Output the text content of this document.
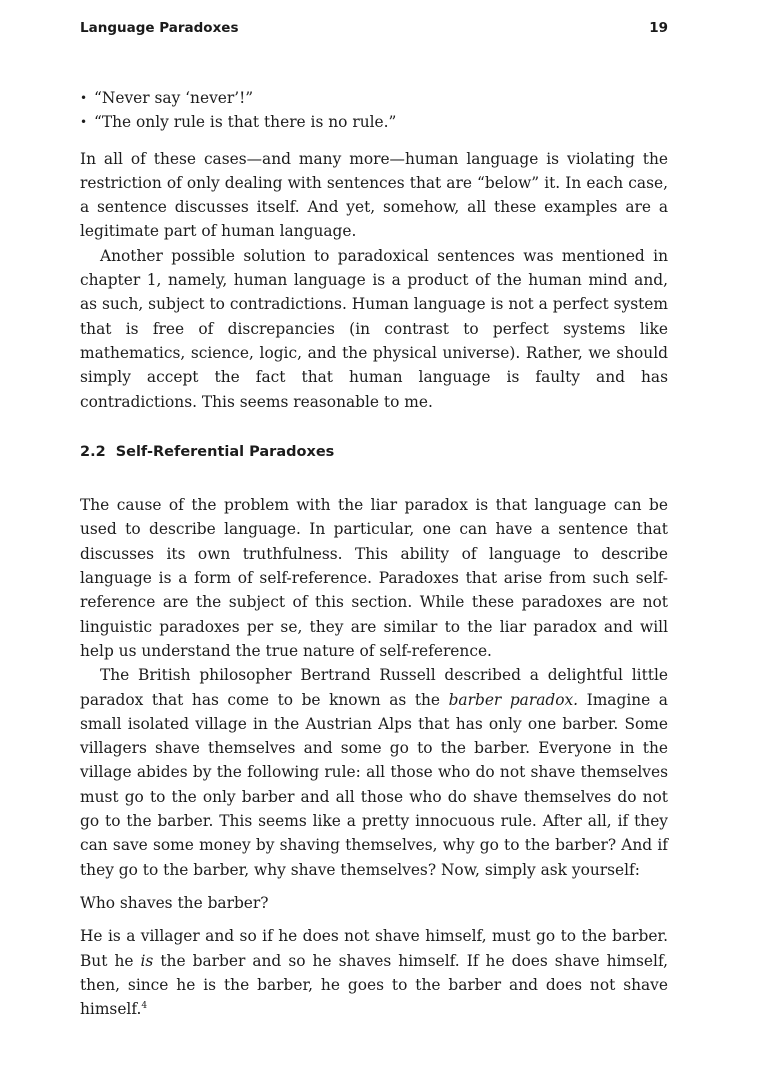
Language Paradoxes	19
• “Never say ‘never’!”
• “The only rule is that there is no rule.”

In all of these cases—and many more—human language is violating the restriction of only dealing with sentences that are “below” it. In each case, a sentence discusses itself. And yet, somehow, all these examples are a legitimate part of human language.

Another possible solution to paradoxical sentences was mentioned in chapter 1, namely, human language is a product of the human mind and, as such, subject to contradictions. Human language is not a perfect system that is free of discrepancies (in contrast to perfect systems like mathematics, science, logic, and the physical universe). Rather, we should simply accept the fact that human language is faulty and has contradictions. This seems reasonable to me.

2.2 Self-Referential Paradoxes

The cause of the problem with the liar paradox is that language can be used to describe language. In particular, one can have a sentence that discusses its own truthfulness. This ability of language to describe language is a form of self-reference. Paradoxes that arise from such self-reference are the subject of this section. While these paradoxes are not linguistic paradoxes per se, they are similar to the liar paradox and will help us understand the true nature of self-reference.

The British philosopher Bertrand Russell described a delightful little paradox that has come to be known as the barber paradox. Imagine a small isolated village in the Austrian Alps that has only one barber. Some villagers shave themselves and some go to the barber. Everyone in the village abides by the following rule: all those who do not shave themselves must go to the only barber and all those who do shave themselves do not go to the barber. This seems like a pretty innocuous rule. After all, if they can save some money by shaving themselves, why go to the barber? And if they go to the barber, why shave themselves? Now, simply ask yourself:

Who shaves the barber?

He is a villager and so if he does not shave himself, must go to the barber. But he is the barber and so he shaves himself. If he does shave himself, then, since he is the barber, he goes to the barber and does not shave himself.$^4$
